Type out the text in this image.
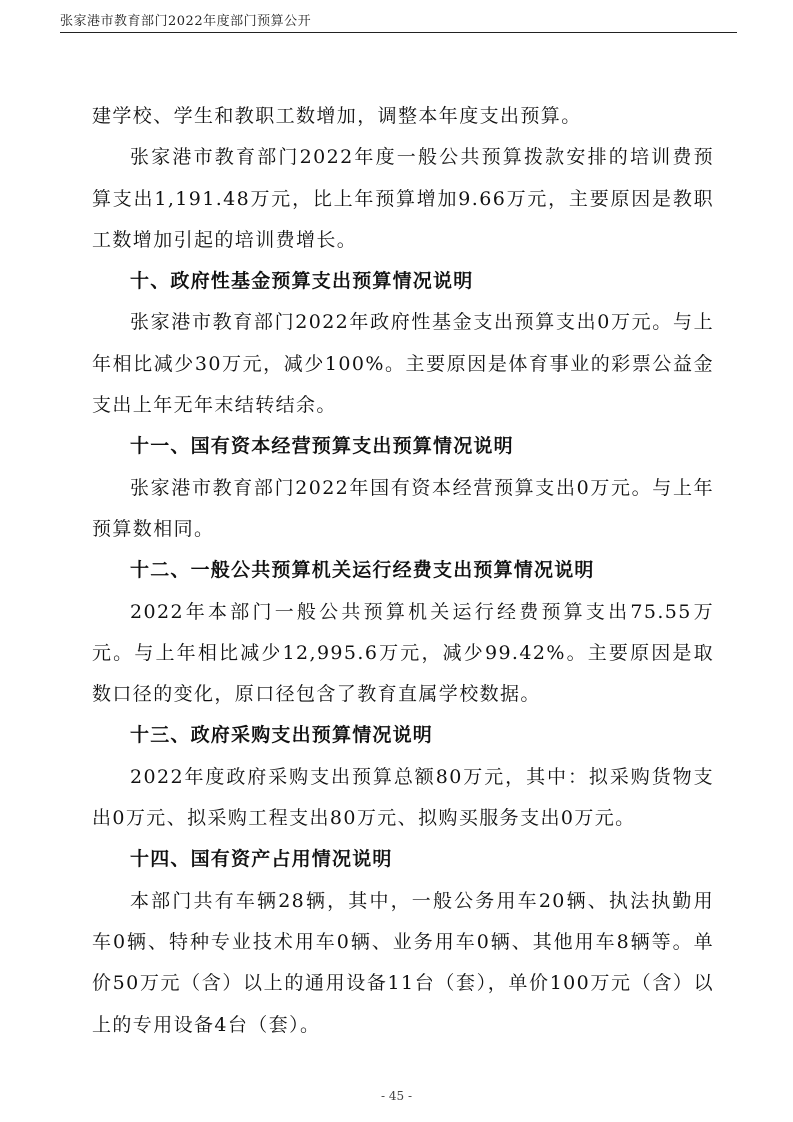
张家港市教育部门2022年度部门预算公开

建学校、学生和教职工数增加，调整本年度支出预算。

张家港市教育部门2022年度一般公共预算拨款安排的培训费预算支出1,191.48万元，比上年预算增加9.66万元，主要原因是教职工数增加引起的培训费增长。

十、政府性基金预算支出预算情况说明

张家港市教育部门2022年政府性基金支出预算支出0万元。与上年相比减少30万元，减少100%。主要原因是体育事业的彩票公益金支出上年无年末结转结余。

十一、国有资本经营预算支出预算情况说明

张家港市教育部门2022年国有资本经营预算支出0万元。与上年预算数相同。

十二、一般公共预算机关运行经费支出预算情况说明

2022年本部门一般公共预算机关运行经费预算支出75.55万元。与上年相比减少12,995.6万元，减少99.42%。主要原因是取数口径的变化，原口径包含了教育直属学校数据。

十三、政府采购支出预算情况说明

2022年度政府采购支出预算总额80万元，其中：拟采购货物支出0万元、拟采购工程支出80万元、拟购买服务支出0万元。

十四、国有资产占用情况说明

本部门共有车辆28辆，其中，一般公务用车20辆、执法执勤用车0辆、特种专业技术用车0辆、业务用车0辆、其他用车8辆等。单价50万元（含）以上的通用设备11台（套），单价100万元（含）以上的专用设备4台（套）。

- 45 -
